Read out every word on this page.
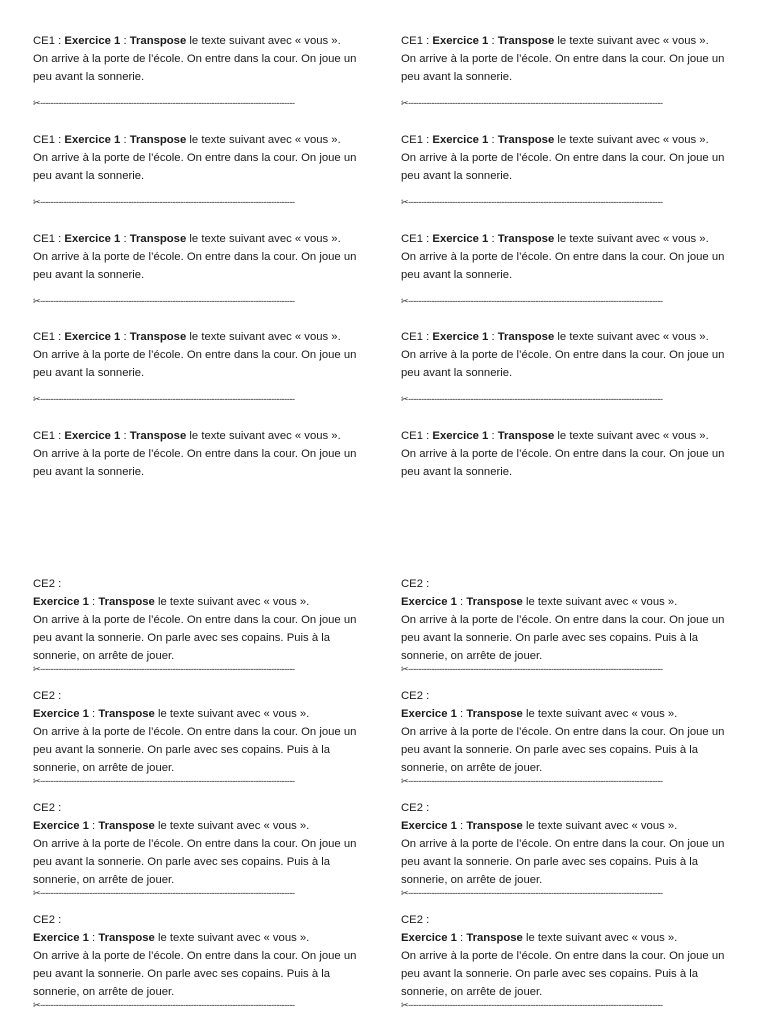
CE1 : Exercice 1 : Transpose le texte suivant avec « vous ».
On arrive à la porte de l’école. On entre dans la cour. On joue un
peu avant la sonnerie.
✂--------------------------------------------------------------------------------------------------
CE1 : Exercice 1 : Transpose le texte suivant avec « vous ».
On arrive à la porte de l’école. On entre dans la cour. On joue un
peu avant la sonnerie.
✂--------------------------------------------------------------------------------------------------
CE1 : Exercice 1 : Transpose le texte suivant avec « vous ».
On arrive à la porte de l’école. On entre dans la cour. On joue un
peu avant la sonnerie.
✂--------------------------------------------------------------------------------------------------
CE1 : Exercice 1 : Transpose le texte suivant avec « vous ».
On arrive à la porte de l’école. On entre dans la cour. On joue un
peu avant la sonnerie.
✂--------------------------------------------------------------------------------------------------
CE1 : Exercice 1 : Transpose le texte suivant avec « vous ».
On arrive à la porte de l’école. On entre dans la cour. On joue un
peu avant la sonnerie.
CE2 :
Exercice 1 : Transpose le texte suivant avec « vous ».
On arrive à la porte de l’école. On entre dans la cour. On joue un
peu avant la sonnerie. On parle avec ses copains. Puis à la
sonnerie, on arrête de jouer.
✂--------------------------------------------------------------------------------------------------
CE2 :
Exercice 1 : Transpose le texte suivant avec « vous ».
On arrive à la porte de l’école. On entre dans la cour. On joue un
peu avant la sonnerie. On parle avec ses copains. Puis à la
sonnerie, on arrête de jouer.
✂--------------------------------------------------------------------------------------------------
CE2 :
Exercice 1 : Transpose le texte suivant avec « vous ».
On arrive à la porte de l’école. On entre dans la cour. On joue un
peu avant la sonnerie. On parle avec ses copains. Puis à la
sonnerie, on arrête de jouer.
✂--------------------------------------------------------------------------------------------------
CE2 :
Exercice 1 : Transpose le texte suivant avec « vous ».
On arrive à la porte de l’école. On entre dans la cour. On joue un
peu avant la sonnerie. On parle avec ses copains. Puis à la
sonnerie, on arrête de jouer.
✂--------------------------------------------------------------------------------------------------
CE1 : Exercice 1 : Transpose le texte suivant avec « vous ».
On arrive à la porte de l’école. On entre dans la cour. On joue un
peu avant la sonnerie.
✂--------------------------------------------------------------------------------------------------
CE1 : Exercice 1 : Transpose le texte suivant avec « vous ».
On arrive à la porte de l’école. On entre dans la cour. On joue un
peu avant la sonnerie.
✂--------------------------------------------------------------------------------------------------
CE1 : Exercice 1 : Transpose le texte suivant avec « vous ».
On arrive à la porte de l’école. On entre dans la cour. On joue un
peu avant la sonnerie.
✂--------------------------------------------------------------------------------------------------
CE1 : Exercice 1 : Transpose le texte suivant avec « vous ».
On arrive à la porte de l’école. On entre dans la cour. On joue un
peu avant la sonnerie.
✂--------------------------------------------------------------------------------------------------
CE1 : Exercice 1 : Transpose le texte suivant avec « vous ».
On arrive à la porte de l’école. On entre dans la cour. On joue un
peu avant la sonnerie.
CE2 :
Exercice 1 : Transpose le texte suivant avec « vous ».
On arrive à la porte de l’école. On entre dans la cour. On joue un
peu avant la sonnerie. On parle avec ses copains. Puis à la
sonnerie, on arrête de jouer.
✂--------------------------------------------------------------------------------------------------
CE2 :
Exercice 1 : Transpose le texte suivant avec « vous ».
On arrive à la porte de l’école. On entre dans la cour. On joue un
peu avant la sonnerie. On parle avec ses copains. Puis à la
sonnerie, on arrête de jouer.
✂--------------------------------------------------------------------------------------------------
CE2 :
Exercice 1 : Transpose le texte suivant avec « vous ».
On arrive à la porte de l’école. On entre dans la cour. On joue un
peu avant la sonnerie. On parle avec ses copains. Puis à la
sonnerie, on arrête de jouer.
✂--------------------------------------------------------------------------------------------------
CE2 :
Exercice 1 : Transpose le texte suivant avec « vous ».
On arrive à la porte de l’école. On entre dans la cour. On joue un
peu avant la sonnerie. On parle avec ses copains. Puis à la
sonnerie, on arrête de jouer.
✂--------------------------------------------------------------------------------------------------
